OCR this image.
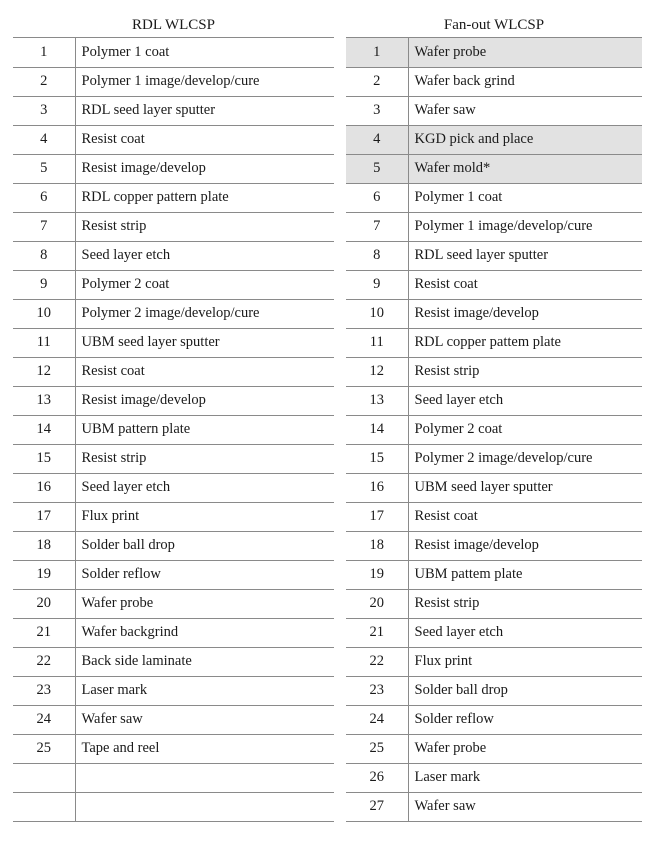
RDL WLCSP
1	Polymer 1 coat
2	Polymer 1 image/develop/cure
3	RDL seed layer sputter
4	Resist coat
5	Resist image/develop
6	RDL copper pattern plate
7	Resist strip
8	Seed layer etch
9	Polymer 2 coat
10	Polymer 2 image/develop/cure
11	UBM seed layer sputter
12	Resist coat
13	Resist image/develop
14	UBM pattern plate
15	Resist strip
16	Seed layer etch
17	Flux print
18	Solder ball drop
19	Solder reflow
20	Wafer probe
21	Wafer backgrind
22	Back side laminate
23	Laser mark
24	Wafer saw
25	Tape and reel

Fan-out WLCSP
1	Wafer probe
2	Wafer back grind
3	Wafer saw
4	KGD pick and place
5	Wafer mold*
6	Polymer 1 coat
7	Polymer 1 image/develop/cure
8	RDL seed layer sputter
9	Resist coat
10	Resist image/develop
11	RDL copper pattem plate
12	Resist strip
13	Seed layer etch
14	Polymer 2 coat
15	Polymer 2 image/develop/cure
16	UBM seed layer sputter
17	Resist coat
18	Resist image/develop
19	UBM pattem plate
20	Resist strip
21	Seed layer etch
22	Flux print
23	Solder ball drop
24	Solder reflow
25	Wafer probe
26	Laser mark
27	Wafer saw
